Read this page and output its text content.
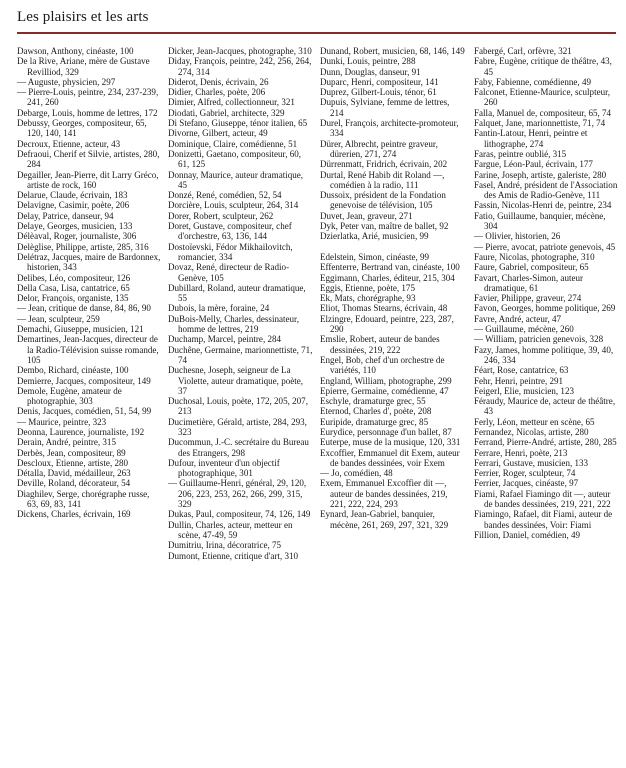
Les plaisirs et les arts

Dawson, Anthony, cinéaste, 100

De la Rive, Ariane, mère de Gustave Revilliod, 329

— Auguste, physicien, 297

— Pierre-Louis, peintre, 234, 237-239, 241, 260

Debarge, Louis, homme de lettres, 172

Debussy, Georges, compositeur, 65, 120, 140, 141

Decroux, Etienne, acteur, 43

Defraoui, Cherif et Silvie, artistes, 280, 284

Degailler, Jean-Pierre, dit Larry Gréco, artiste de rock, 160

Delarue, Claude, écrivain, 183

Delavigne, Casimir, poète, 206

Delay, Patrice, danseur, 94

Delaye, Georges, musicien, 133

Délèaval, Roger, journaliste, 306

Delèglise, Philippe, artiste, 285, 316

Delétraz, Jacques, maire de Bardonnex, historien, 343

Delibes, Léo, compositeur, 126

Della Casa, Lisa, cantatrice, 65

Delor, François, organiste, 135

— Jean, critique de danse, 84, 86, 90

— Jean, sculpteur, 259

Demachi, Giuseppe, musicien, 121

Demartines, Jean-Jacques, directeur de la Radio-Télévision suisse romande, 105

Dembo, Richard, cinéaste, 100

Demierre, Jacques, compositeur, 149

Demole, Eugène, amateur de photographie, 303

Denis, Jacques, comédien, 51, 54, 99

— Maurice, peintre, 323

Deonna, Laurence, journaliste, 192

Derain, André, peintre, 315

Derbès, Jean, compositeur, 89

Descloux, Etienne, artiste, 280

Détalla, David, médailleur, 263

Deville, Roland, décorateur, 54

Diaghilev, Serge, chorégraphe russe, 63, 69, 83, 141

Dickens, Charles, écrivain, 169

Dicker, Jean-Jacques, photographe, 310

Diday, François, peintre, 242, 256, 264, 274, 314

Diderot, Denis, écrivain, 26

Didier, Charles, poète, 206

Dimier, Alfred, collectionneur, 321

Diodati, Gabriel, architecte, 329

Di Stefano, Giuseppe, ténor italien, 65

Divorne, Gilbert, acteur, 49

Dominique, Claire, comédienne, 51

Donizetti, Gaetano, compositeur, 60, 61, 125

Donnay, Maurice, auteur dramatique, 45

Donzé, René, comédien, 52, 54

Dorcière, Louis, sculpteur, 264, 314

Dorer, Robert, sculpteur, 262

Doret, Gustave, compositeur, chef d'orchestre, 63, 136, 144

Dostoïevski, Fédor Mikhailovitch, romancier, 334

Dovaz, René, directeur de Radio-Genève, 105

Dubillard, Roland, auteur dramatique, 55

Dubois, la mère, foraine, 24

DuBois-Melly, Charles, dessinateur, homme de lettres, 219

Duchamp, Marcel, peintre, 284

Duchêne, Germaine, marionnettiste, 71, 74

Duchesne, Joseph, seigneur de La Violette, auteur dramatique, poète, 37

Duchosal, Louis, poète, 172, 205, 207, 213

Ducimetière, Gérald, artiste, 284, 293, 323

Ducommun, J.-C. secrétaire du Bureau des Etrangers, 298

Dufour, inventeur d'un objectif photographique, 301

— Guillaume-Henri, général, 29, 120, 206, 223, 253, 262, 266, 299, 315, 329

Dukas, Paul, compositeur, 74, 126, 149

Dullin, Charles, acteur, metteur en scène, 47-49, 59

Dumitriu, Irina, décoratrice, 75

Dumont, Etienne, critique d'art, 310

Dunand, Robert, musicien, 68, 146, 149

Dunki, Louis, peintre, 288

Dunn, Douglas, danseur, 91

Duparc, Henri, compositeur, 141

Duprez, Gilbert-Louis, ténor, 61

Dupuis, Sylviane, femme de lettres, 214

Durel, François, architecte-promoteur, 334

Dürer, Albrecht, peintre graveur, dürerien, 271, 274

Dürrenmatt, Fridrich, écrivain, 202

Durtal, René Habib dit Roland —, comédien à la radio, 111

Dussoix, président de la Fondation genevoise de télévision, 105

Duvet, Jean, graveur, 271

Dyk, Peter van, maître de ballet, 92

Dzierlatka, Arié, musicien, 99

Edelstein, Simon, cinéaste, 99

Effenterre, Bertrand van, cinéaste, 100

Eggimann, Charles, éditeur, 215, 304

Eggis, Etienne, poète, 175

Ek, Mats, chorégraphe, 93

Eliot, Thomas Stearns, écrivain, 48

Elzingre, Edouard, peintre, 223, 287, 290

Emslie, Robert, auteur de bandes dessinées, 219, 222

Engel, Bob, chef d'un orchestre de variétés, 110

England, William, photographe, 299

Epierre, Germaine, comédienne, 47

Eschyle, dramaturge grec, 55

Eternod, Charles d', poète, 208

Euripide, dramaturge grec, 85

Eurydice, personnage d'un ballet, 87

Euterpe, muse de la musique, 120, 331

Excoffier, Emmanuel dit Exem, auteur de bandes dessinées, voir Exem

— Jo, comédien, 48

Exem, Emmanuel Excoffier dit —, auteur de bandes dessinées, 219, 221, 222, 224, 293

Eynard, Jean-Gabriel, banquier, mécène, 261, 269, 297, 321, 329

Fabergé, Carl, orfèvre, 321

Fabre, Eugène, critique de théâtre, 43, 45

Faby, Fabienne, comédienne, 49

Falconet, Etienne-Maurice, sculpteur, 260

Falla, Manuel de, compositeur, 65, 74

Falquet, Jane, marionnettiste, 71, 74

Fantin-Latour, Henri, peintre et lithographe, 274

Faras, peintre oublié, 315

Fargue, Léon-Paul, écrivain, 177

Farine, Joseph, artiste, galeriste, 280

Fasel, André, président de l'Association des Amis de Radio-Genève, 111

Fassin, Nicolas-Henri de, peintre, 234

Fatio, Guillaume, banquier, mécène, 304

— Olivier, historien, 26

— Pierre, avocat, patriote genevois, 45

Faure, Nicolas, photographe, 310

Faure, Gabriel, compositeur, 65

Favart, Charles-Simon, auteur dramatique, 61

Favier, Philippe, graveur, 274

Favon, Georges, homme politique, 269

Favre, André, acteur, 47

— Guillaume, mécène, 260

— William, patricien genevois, 328

Fazy, James, homme politique, 39, 40, 246, 334

Féart, Rose, cantatrice, 63

Fehr, Henri, peintre, 291

Feigerl, Elie, musicien, 123

Féraudy, Maurice de, acteur de théâtre, 43

Ferly, Léon, metteur en scène, 65

Fernandez, Nicolas, artiste, 280

Ferrand, Pierre-André, artiste, 280, 285

Ferrare, Henri, poète, 213

Ferrari, Gustave, musicien, 133

Ferrier, Roger, sculpteur, 74

Ferrier, Jacques, cinéaste, 97

Fiami, Rafael Fiamingo dit —, auteur de bandes dessinées, 219, 221, 222

Fiamingo, Rafael, dit Fiami, auteur de bandes dessinées, Voir: Fiami

Fillion, Daniel, comédien, 49
